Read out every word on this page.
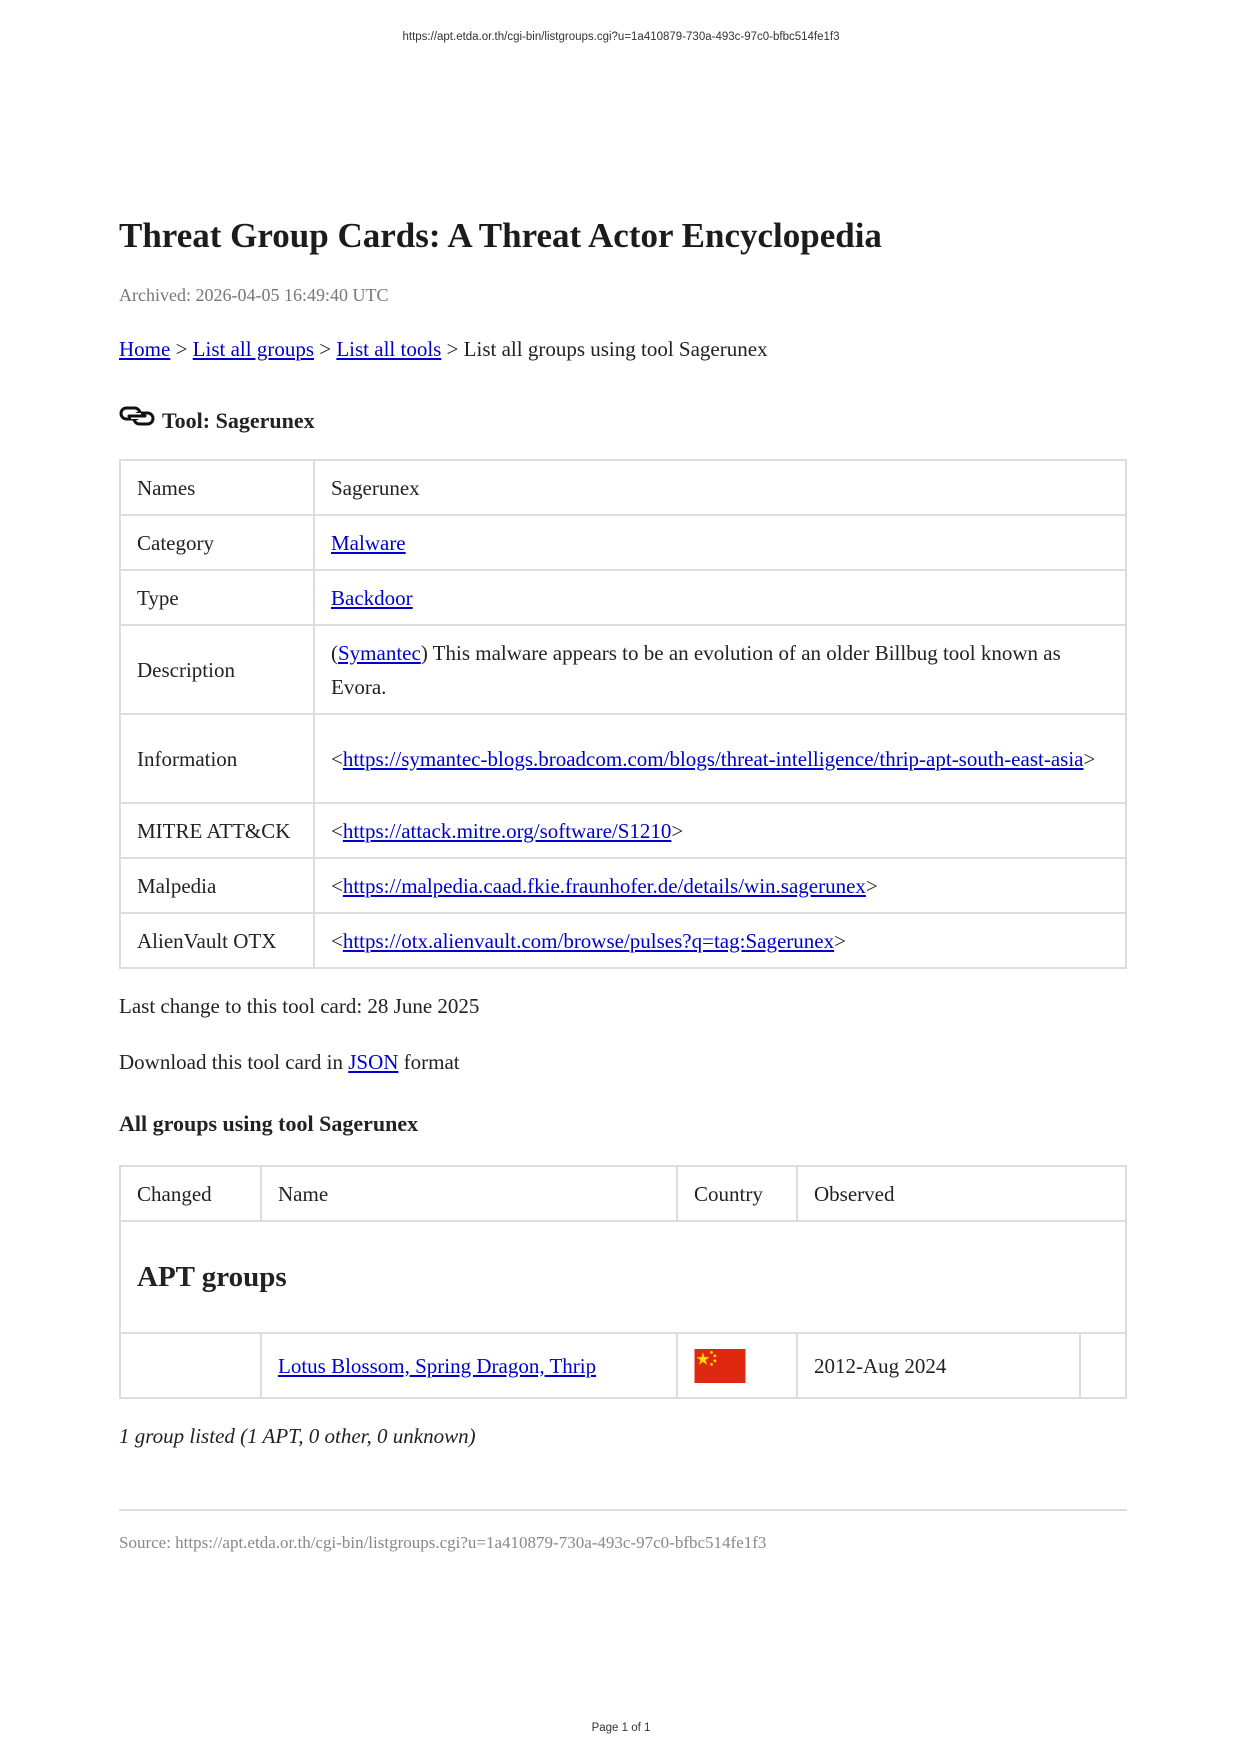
https://apt.etda.or.th/cgi-bin/listgroups.cgi?u=1a410879-730a-493c-97c0-bfbc514fe1f3
Threat Group Cards: A Threat Actor Encyclopedia
Archived: 2026-04-05 16:49:40 UTC
Home > List all groups > List all tools > List all groups using tool Sagerunex
Tool: Sagerunex
Names	Sagerunex
Category	Malware
Type	Backdoor
Description	(Symantec) This malware appears to be an evolution of an older Billbug tool known as Evora.
Information	<https://symantec-blogs.broadcom.com/blogs/threat-intelligence/thrip-apt-south-east-asia>
MITRE ATT&CK	<https://attack.mitre.org/software/S1210>
Malpedia	<https://malpedia.caad.fkie.fraunhofer.de/details/win.sagerunex>
AlienVault OTX	<https://otx.alienvault.com/browse/pulses?q=tag:Sagerunex>
Last change to this tool card: 28 June 2025
Download this tool card in JSON format
All groups using tool Sagerunex
Changed	Name	Country	Observed	
APT groups				
	Lotus Blossom, Spring Dragon, Thrip		2012-Aug 2024	
1 group listed (1 APT, 0 other, 0 unknown)
Source: https://apt.etda.or.th/cgi-bin/listgroups.cgi?u=1a410879-730a-493c-97c0-bfbc514fe1f3
Page 1 of 1
